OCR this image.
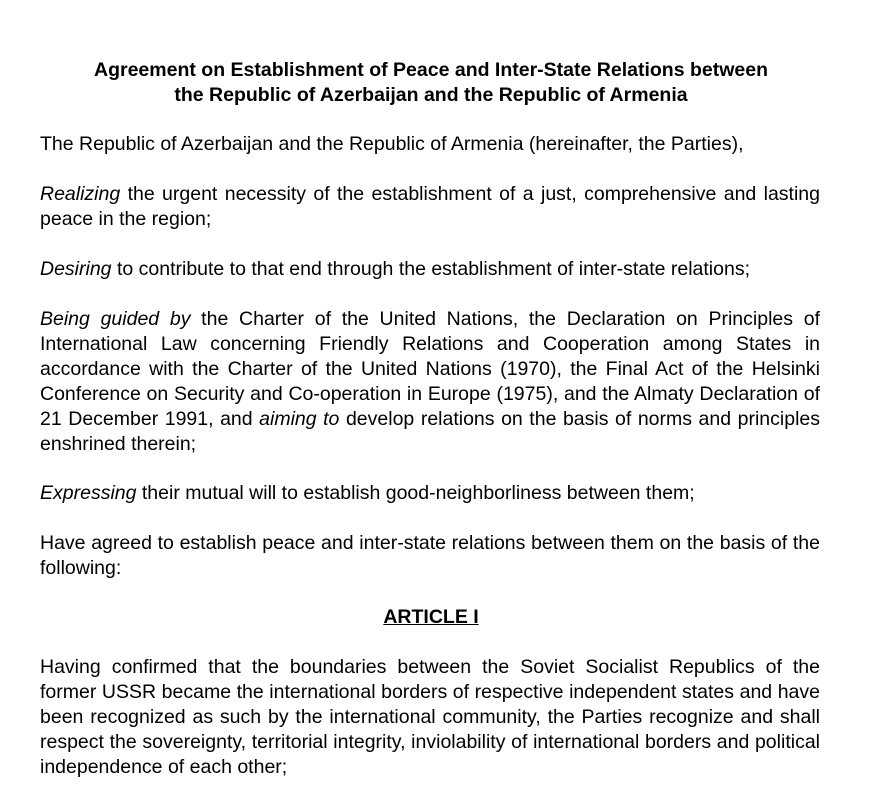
Agreement on Establishment of Peace and Inter-State Relations between
the Republic of Azerbaijan and the Republic of Armenia
The Republic of Azerbaijan and the Republic of Armenia (hereinafter, the Parties),
Realizing the urgent necessity of the establishment of a just, comprehensive and lasting peace in the region;
Desiring to contribute to that end through the establishment of inter-state relations;
Being guided by the Charter of the United Nations, the Declaration on Principles of International Law concerning Friendly Relations and Cooperation among States in accordance with the Charter of the United Nations (1970), the Final Act of the Helsinki Conference on Security and Co-operation in Europe (1975), and the Almaty Declaration of 21 December 1991, and aiming to develop relations on the basis of norms and principles enshrined therein;
Expressing their mutual will to establish good-neighborliness between them;
Have agreed to establish peace and inter-state relations between them on the basis of the following:
ARTICLE I
Having confirmed that the boundaries between the Soviet Socialist Republics of the former USSR became the international borders of respective independent states and have been recognized as such by the international community, the Parties recognize and shall respect the sovereignty, territorial integrity, inviolability of international borders and political independence of each other;
